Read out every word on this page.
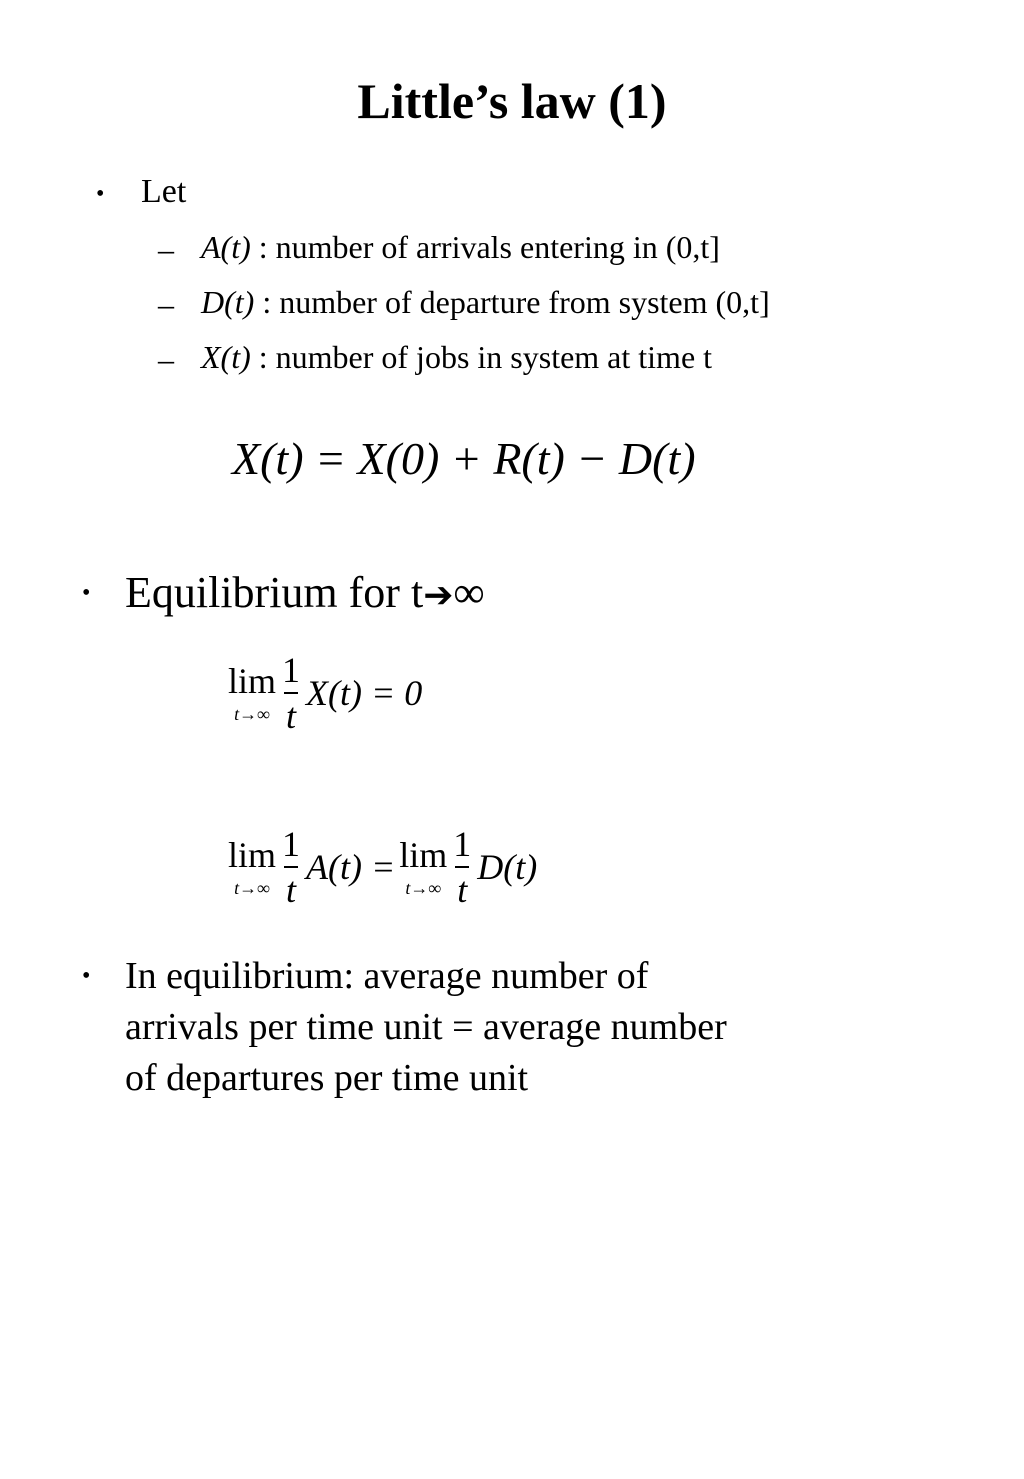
Little’s law (1)
• Let
– A(t) : number of arrivals entering in (0,t]
– D(t) : number of departure from system (0,t]
– X(t) : number of jobs in system at time t
X(t) = X(0) + R(t) − D(t)
• Equilibrium for t➔∞
lim
t→∞
$\frac{1}{t} X(t) = 0$
lim
t→∞
$\frac{1}{t} A(t) = \lim$
t→∞
$\frac{1}{t} D(t)$
• In equilibrium: average number of
arrivals per time unit = average number
of departures per time unit
